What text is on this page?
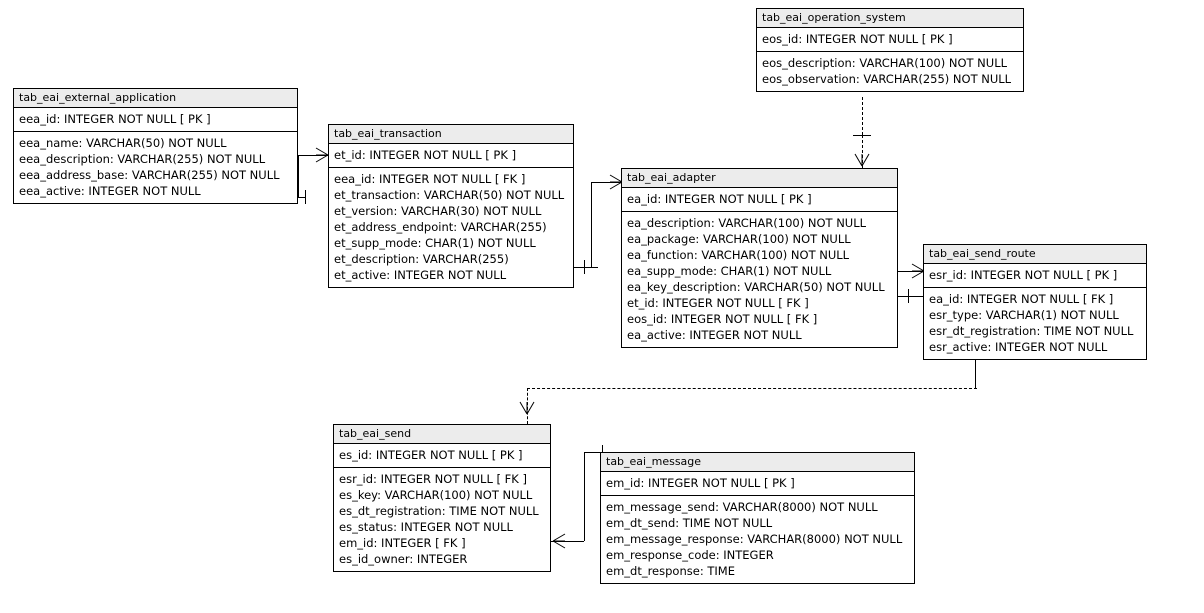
tab_eai_external_application
eea_id: INTEGER NOT NULL [ PK ]
eea_name: VARCHAR(50) NOT NULL
eea_description: VARCHAR(255) NOT NULL
eea_address_base: VARCHAR(255) NOT NULL
eea_active: INTEGER NOT NULL
tab_eai_transaction
et_id: INTEGER NOT NULL [ PK ]
eea_id: INTEGER NOT NULL [ FK ]
et_transaction: VARCHAR(50) NOT NULL
et_version: VARCHAR(30) NOT NULL
et_address_endpoint: VARCHAR(255)
et_supp_mode: CHAR(1) NOT NULL
et_description: VARCHAR(255)
et_active: INTEGER NOT NULL
tab_eai_operation_system
eos_id: INTEGER NOT NULL [ PK ]
eos_description: VARCHAR(100) NOT NULL
eos_observation: VARCHAR(255) NOT NULL
tab_eai_adapter
ea_id: INTEGER NOT NULL [ PK ]
ea_description: VARCHAR(100) NOT NULL
ea_package: VARCHAR(100) NOT NULL
ea_function: VARCHAR(100) NOT NULL
ea_supp_mode: CHAR(1) NOT NULL
ea_key_description: VARCHAR(50) NOT NULL
et_id: INTEGER NOT NULL [ FK ]
eos_id: INTEGER NOT NULL [ FK ]
ea_active: INTEGER NOT NULL
tab_eai_send_route
esr_id: INTEGER NOT NULL [ PK ]
ea_id: INTEGER NOT NULL [ FK ]
esr_type: VARCHAR(1) NOT NULL
esr_dt_registration: TIME NOT NULL
esr_active: INTEGER NOT NULL
tab_eai_send
es_id: INTEGER NOT NULL [ PK ]
esr_id: INTEGER NOT NULL [ FK ]
es_key: VARCHAR(100) NOT NULL
es_dt_registration: TIME NOT NULL
es_status: INTEGER NOT NULL
em_id: INTEGER [ FK ]
es_id_owner: INTEGER
tab_eai_message
em_id: INTEGER NOT NULL [ PK ]
em_message_send: VARCHAR(8000) NOT NULL
em_dt_send: TIME NOT NULL
em_message_response: VARCHAR(8000) NOT NULL
em_response_code: INTEGER
em_dt_response: TIME
